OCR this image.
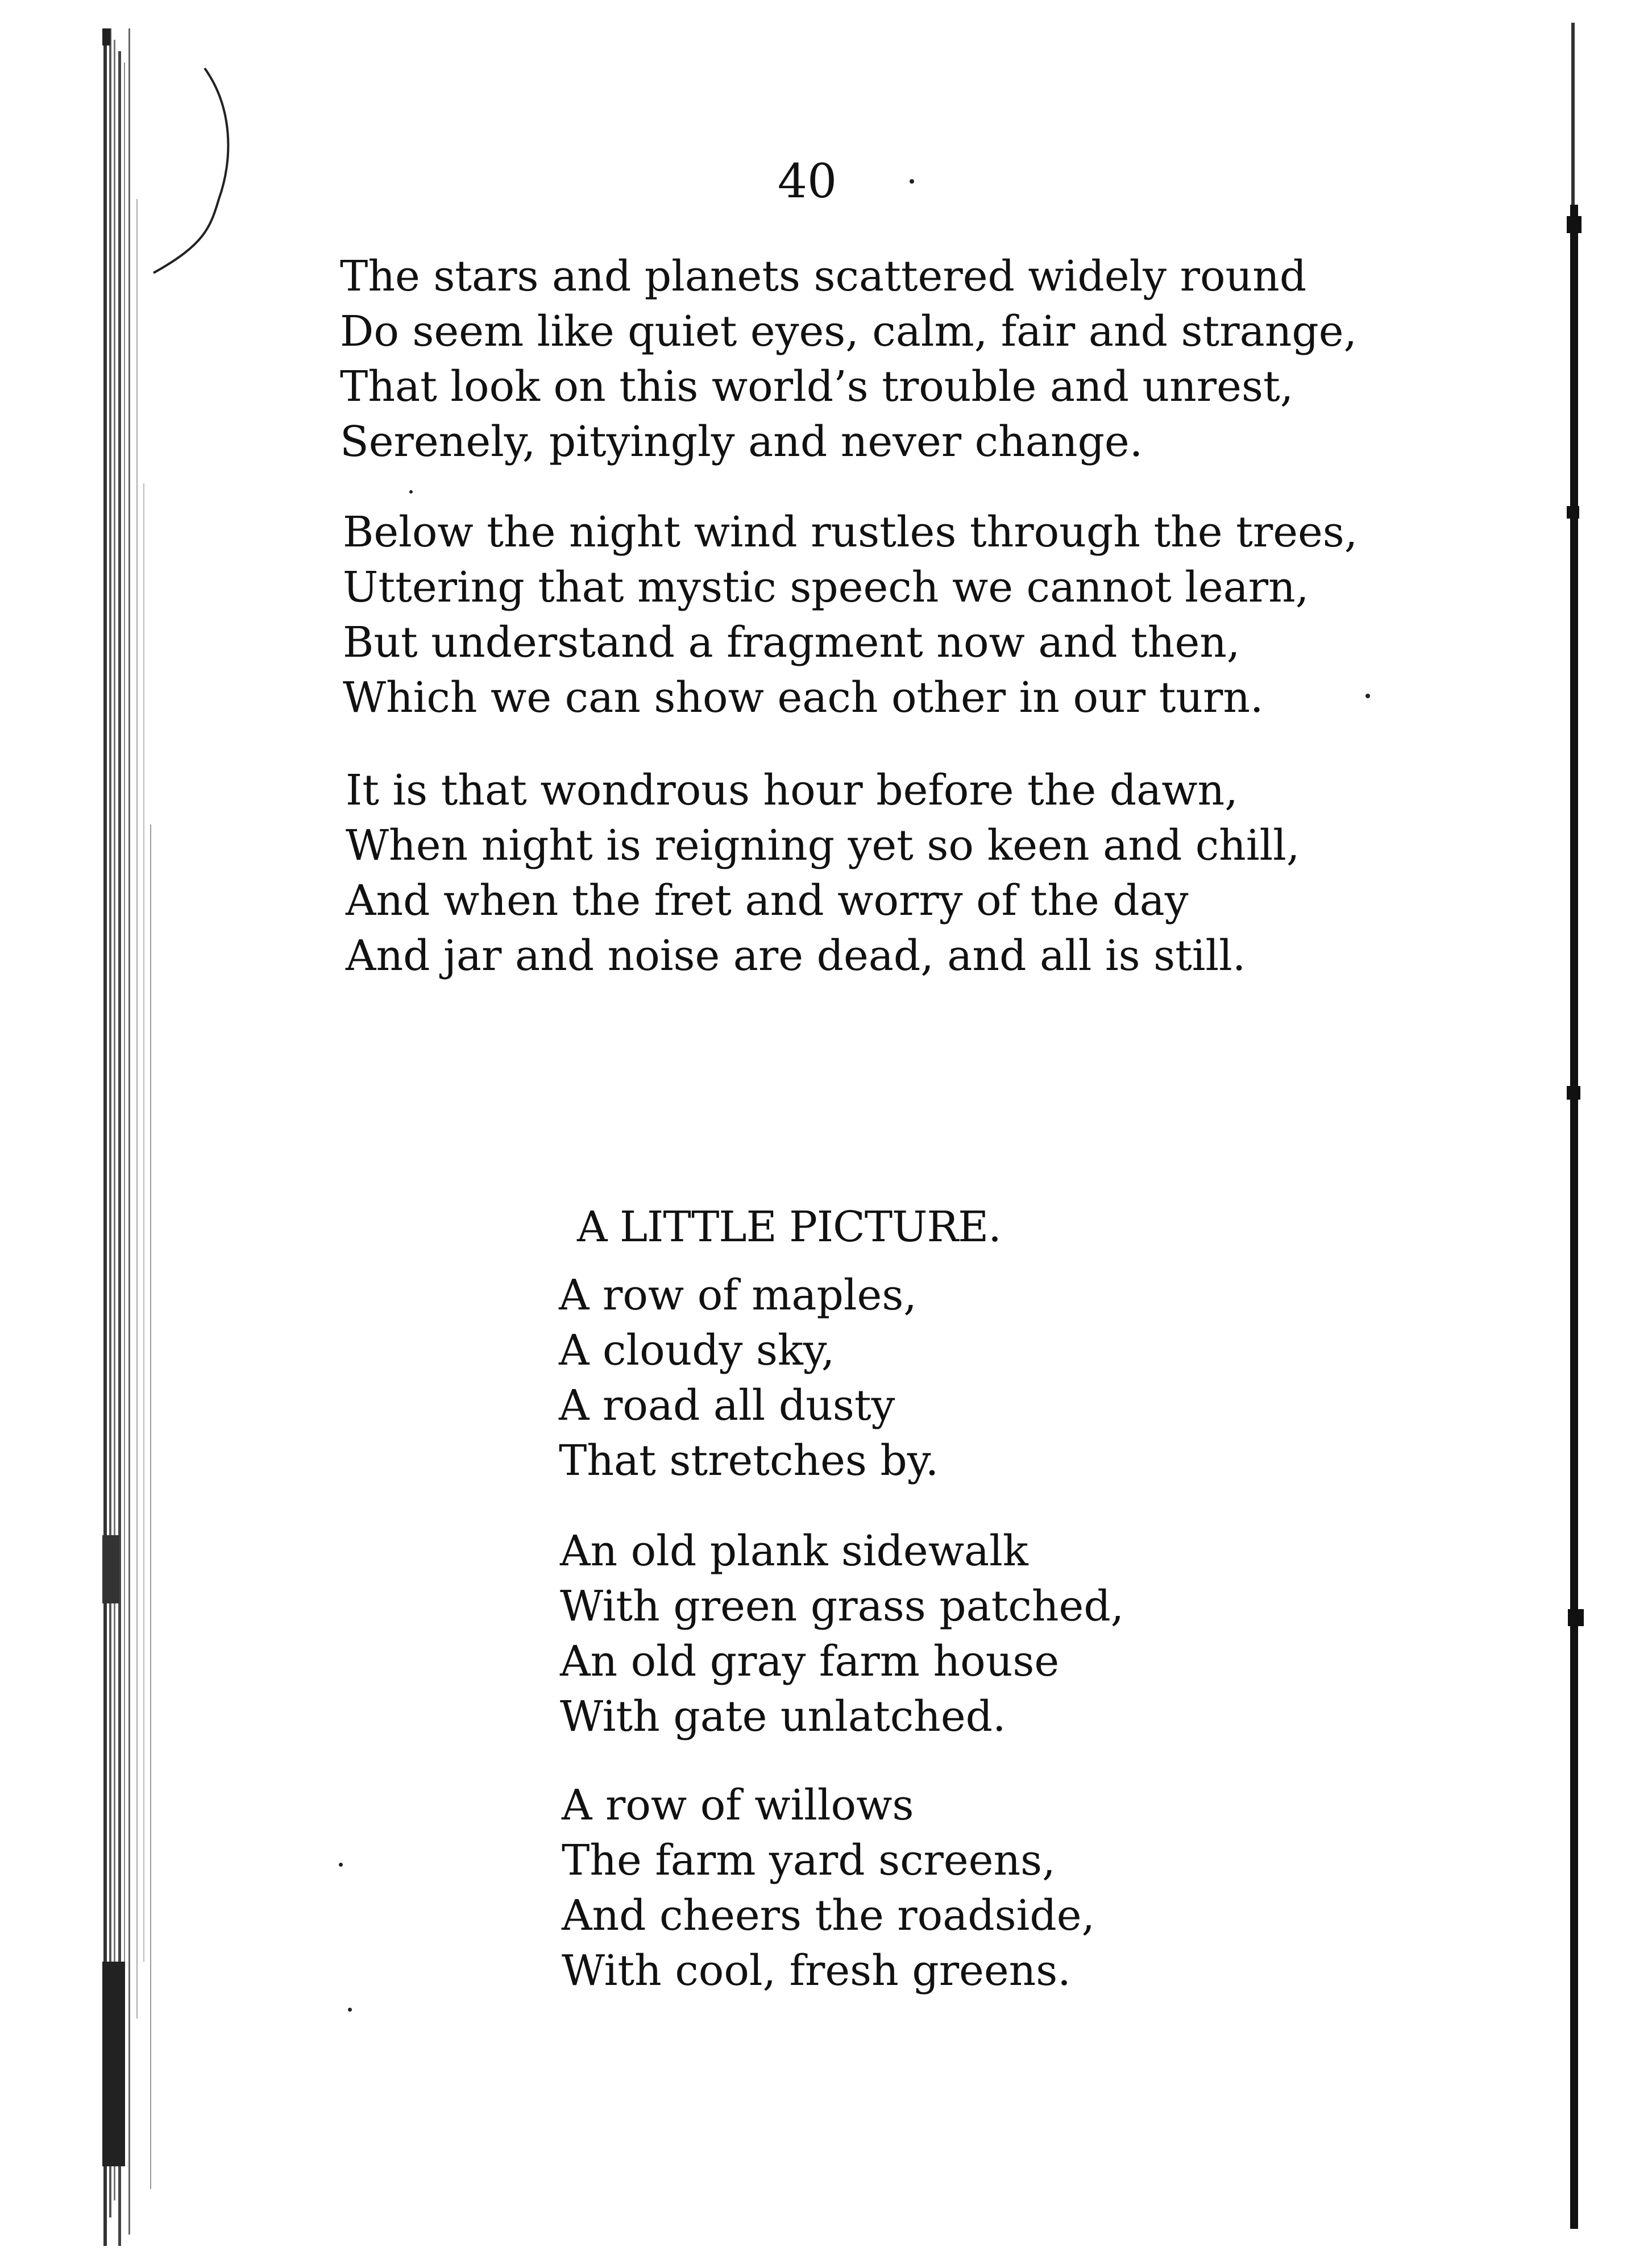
40
The stars and planets scattered widely round
Do seem like quiet eyes, calm, fair and strange,
That look on this world’s trouble and unrest,
Serenely, pityingly and never change.
Below the night wind rustles through the trees,
Uttering that mystic speech we cannot learn,
But understand a fragment now and then,
Which we can show each other in our turn.
It is that wondrous hour before the dawn,
When night is reigning yet so keen and chill,
And when the fret and worry of the day
And jar and noise are dead, and all is still.
A LITTLE PICTURE.
A row of maples,
A cloudy sky,
A road all dusty
That stretches by.
An old plank sidewalk
With green grass patched,
An old gray farm house
With gate unlatched.
A row of willows
The farm yard screens,
And cheers the roadside,
With cool, fresh greens.
